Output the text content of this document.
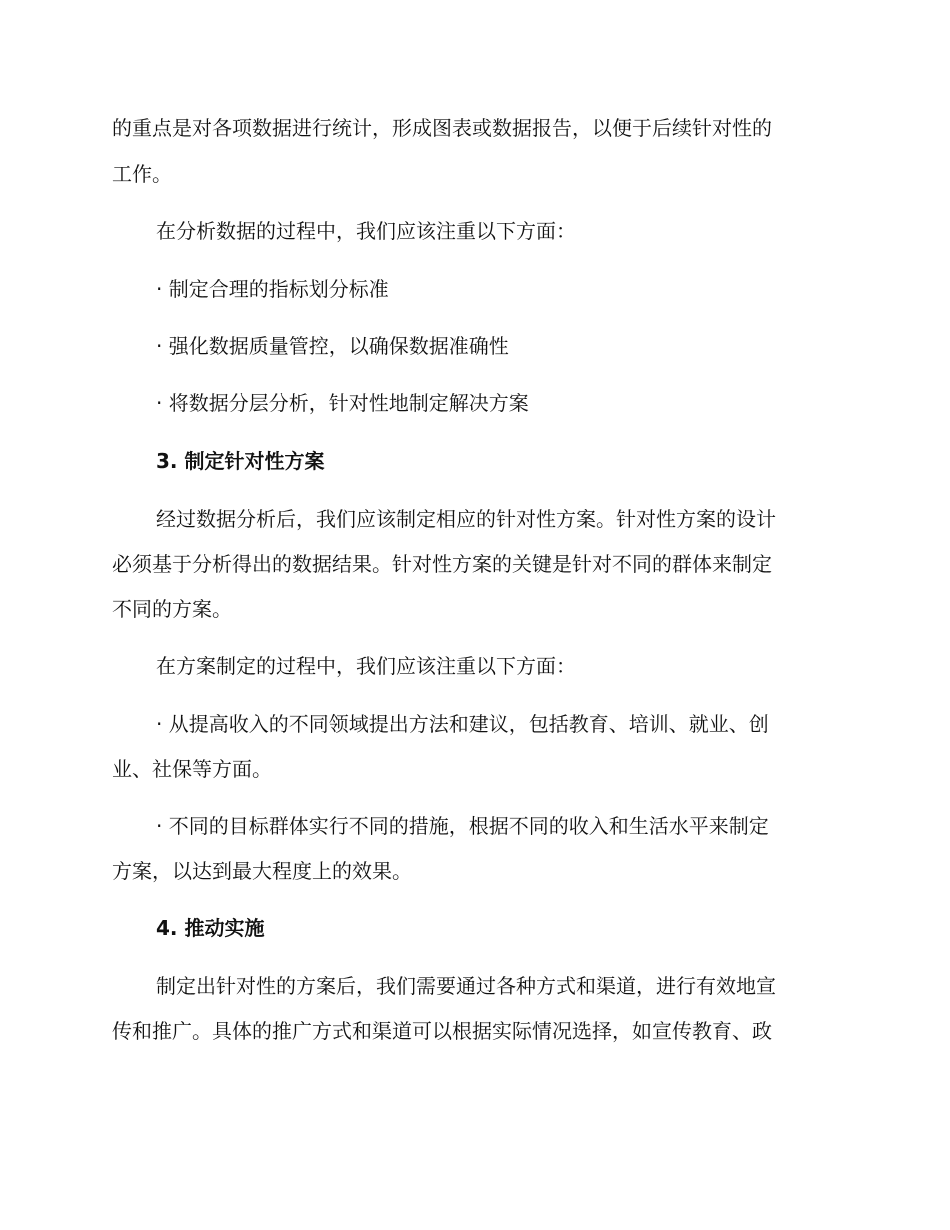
的重点是对各项数据进行统计，形成图表或数据报告，以便于后续针对性的
工作。
在分析数据的过程中，我们应该注重以下方面：
· 制定合理的指标划分标准
· 强化数据质量管控，以确保数据准确性
· 将数据分层分析，针对性地制定解决方案
3. 制定针对性方案
经过数据分析后，我们应该制定相应的针对性方案。针对性方案的设计
必须基于分析得出的数据结果。针对性方案的关键是针对不同的群体来制定
不同的方案。
在方案制定的过程中，我们应该注重以下方面：
· 从提高收入的不同领域提出方法和建议，包括教育、培训、就业、创
业、社保等方面。
· 不同的目标群体实行不同的措施，根据不同的收入和生活水平来制定
方案，以达到最大程度上的效果。
4. 推动实施
制定出针对性的方案后，我们需要通过各种方式和渠道，进行有效地宣
传和推广。具体的推广方式和渠道可以根据实际情况选择，如宣传教育、政
